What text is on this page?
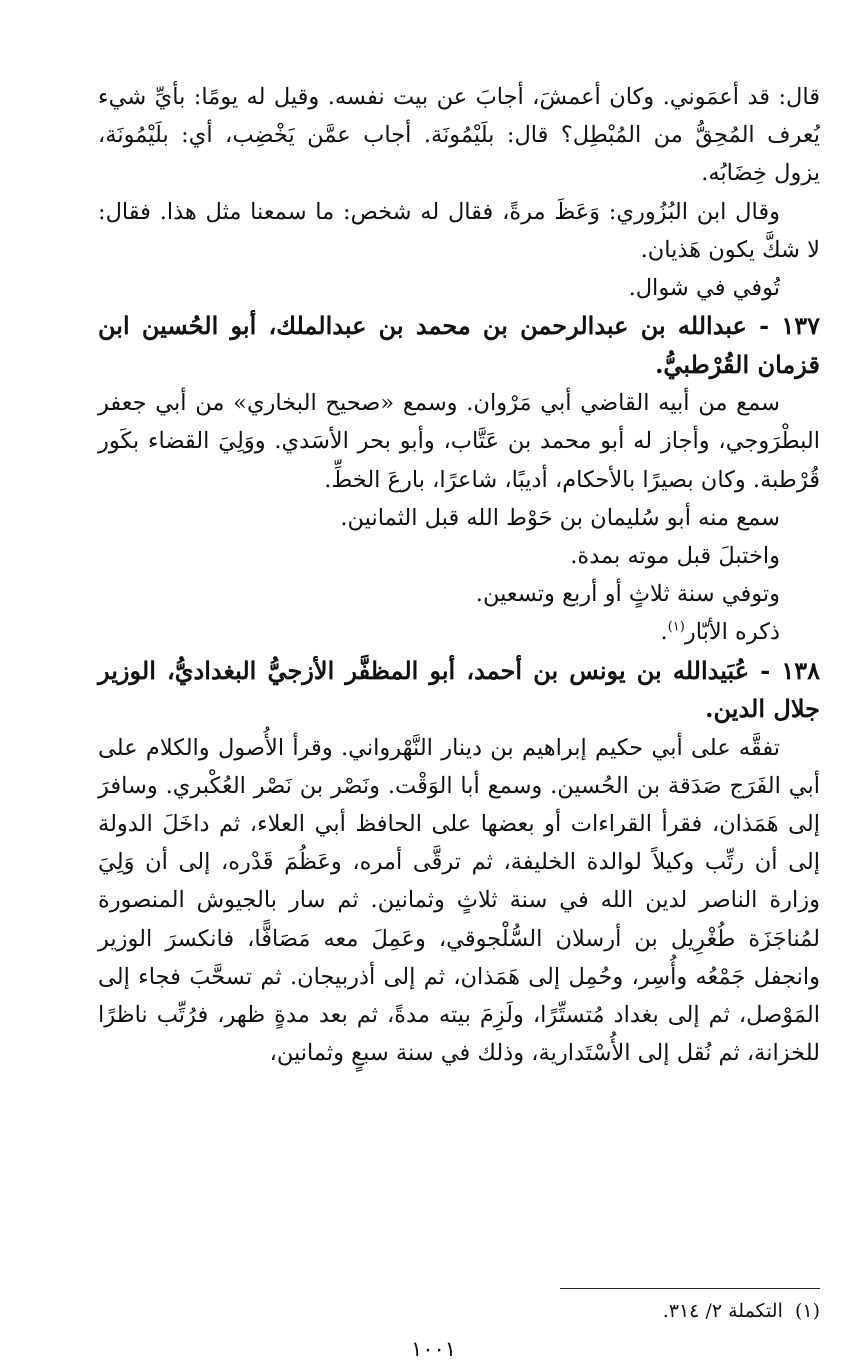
قال: قد أعمَوني. وكان أعمشَ، أجابَ عن بيت نفسه. وقيل له يومًا: بأيِّ شيء يُعرف المُحِقُّ من المُبْطِل؟ قال: بلَيْمُونَة. أجاب عمَّن يَخْضِب، أي: بلَيْمُونَة، يزول خِضَابُه.

وقال ابن البُزُوري: وَعَظَ مرةً، فقال له شخص: ما سمعنا مثل هذا. فقال: لا شكَّ يكون هَذيان.

تُوفي في شوال.

١٣٧ - عبدالله بن عبدالرحمن بن محمد بن عبدالملك، أبو الحُسين ابن قزمان القُرْطبيُّ.

سمع من أبيه القاضي أبي مَرْوان. وسمع «صحيح البخاري» من أبي جعفر البطْرَوجي، وأجاز له أبو محمد بن عَتَّاب، وأبو بحر الأسَدي. ووَلِيَ القضاء بكَور قُرْطبة. وكان بصيرًا بالأحكام، أديبًا، شاعرًا، بارعَ الخطِّ.

سمع منه أبو سُليمان بن حَوْط الله قبل الثمانين.

واختبلَ قبل موته بمدة.

وتوفي سنة ثلاثٍ أو أربع وتسعين.

ذكره الأبّار$^{(١)}$.

١٣٨ - عُبَيدالله بن يونس بن أحمد، أبو المظفَّر الأزجيُّ البغداديُّ، الوزير جلال الدين.

تفقَّه على أبي حكيم إبراهيم بن دينار النَّهْرواني. وقرأ الأُصول والكلام على أبي الفَرَج صَدَقة بن الحُسين. وسمع أبا الوَقْت. ونَصْر بن نَصْر العُكْبري. وسافرَ إلى هَمَذان، فقرأ القراءات أو بعضها على الحافظ أبي العلاء، ثم داخَلَ الدولة إلى أن رتِّب وكيلاً لوالدة الخليفة، ثم ترقَّى أمره، وعَظُمَ قَدْره، إلى أن وَلِيَ وزارة الناصر لدين الله في سنة ثلاثٍ وثمانين. ثم سار بالجيوش المنصورة لمُناجَزَة طُغْرِيل بن أرسلان السُّلْجوقي، وعَمِلَ معه مَصَافًّا، فانكسرَ الوزير وانجفل جَمْعُه وأُسِر، وحُمِل إلى هَمَذان، ثم إلى أذربيجان. ثم تسحَّبَ فجاء إلى المَوْصل، ثم إلى بغداد مُتستِّرًا، ولَزِمَ بيته مدةً، ثم بعد مدةٍ ظهر، فرُتِّب ناظرًا للخزانة، ثم نُقل إلى الأُسْتَدارية، وذلك في سنة سبعٍ وثمانين،

(١)  التكملة ٢/ ٣١٤.
١٠٠١
